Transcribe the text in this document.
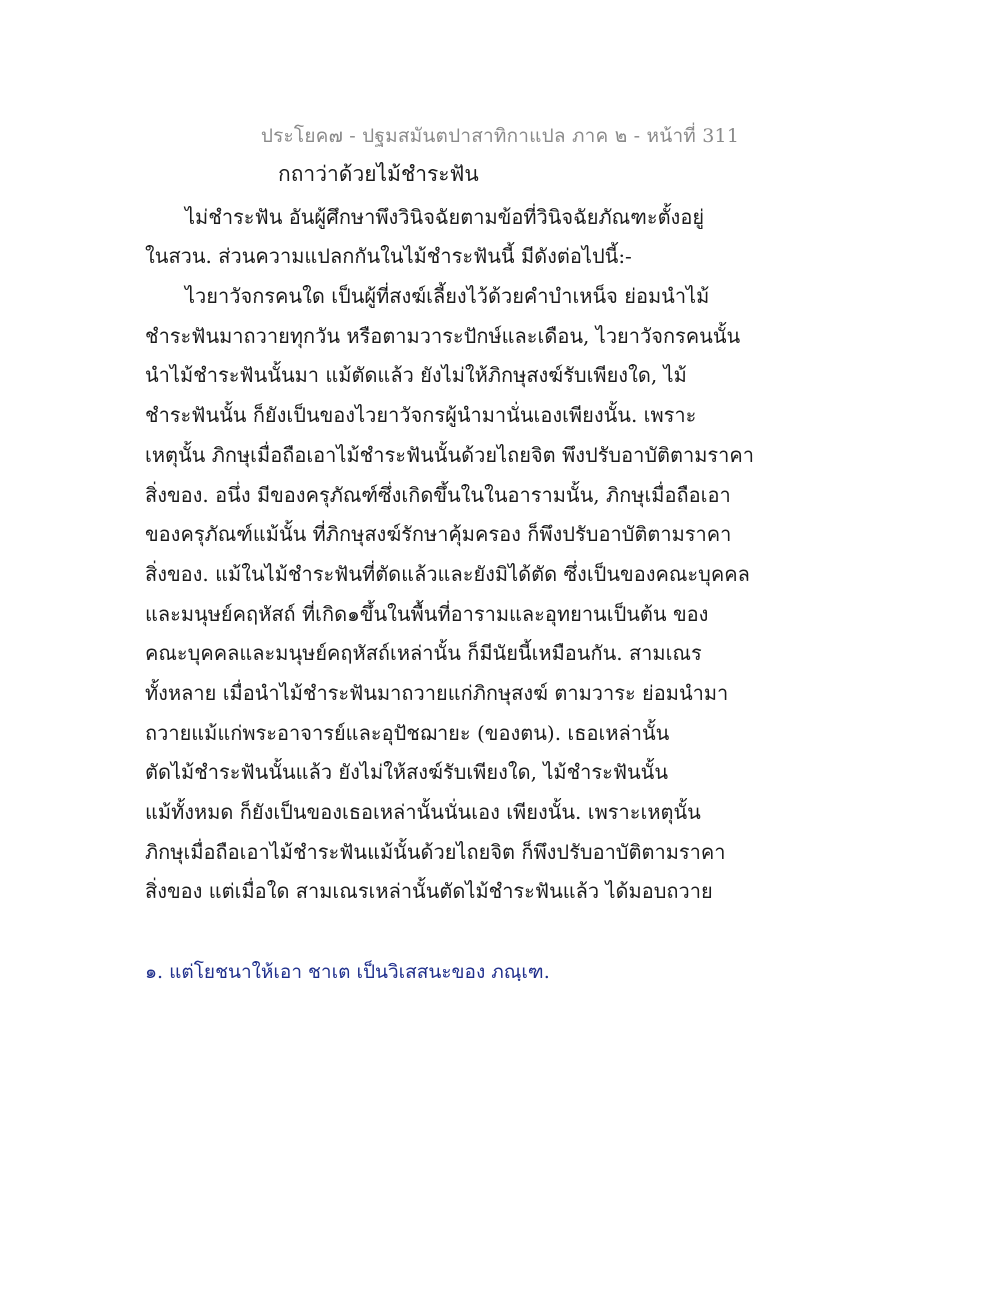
ประโยค๗ - ปฐมสมันตปาสาทิกาแปล ภาค ๒ - หน้าที่ 311
กถาว่าด้วยไม้ชำระฟัน
ไม่ชำระฟัน อันผู้ศึกษาพึงวินิจฉัยตามข้อที่วินิจฉัยภัณฑะตั้งอยู่
ในสวน. ส่วนความแปลกกันในไม้ชำระฟันนี้ มีดังต่อไปนี้:-
ไวยาวัจกรคนใด เป็นผู้ที่สงฆ์เลี้ยงไว้ด้วยคำบำเหน็จ ย่อมนำไม้
ชำระฟันมาถวายทุกวัน หรือตามวาระปักษ์และเดือน, ไวยาวัจกรคนนั้น
นำไม้ชำระฟันนั้นมา แม้ตัดแล้ว ยังไม่ให้ภิกษุสงฆ์รับเพียงใด, ไม้
ชำระฟันนั้น ก็ยังเป็นของไวยาวัจกรผู้นำมานั่นเองเพียงนั้น. เพราะ
เหตุนั้น ภิกษุเมื่อถือเอาไม้ชำระฟันนั้นด้วยไถยจิต พึงปรับอาบัติตามราคา
สิ่งของ. อนึ่ง มีของครุภัณฑ์ซึ่งเกิดขึ้นในในอารามนั้น, ภิกษุเมื่อถือเอา
ของครุภัณฑ์แม้นั้น ที่ภิกษุสงฆ์รักษาคุ้มครอง ก็พึงปรับอาบัติตามราคา
สิ่งของ. แม้ในไม้ชำระฟันที่ตัดแล้วและยังมิได้ตัด ซึ่งเป็นของคณะบุคคล
และมนุษย์คฤหัสถ์ ที่เกิด๑ขึ้นในพื้นที่อารามและอุทยานเป็นต้น ของ
คณะบุคคลและมนุษย์คฤหัสถ์เหล่านั้น ก็มีนัยนี้เหมือนกัน. สามเณร
ทั้งหลาย เมื่อนำไม้ชำระฟันมาถวายแก่ภิกษุสงฆ์ ตามวาระ ย่อมนำมา
ถวายแม้แก่พระอาจารย์และอุปัชฌายะ (ของตน). เธอเหล่านั้น
ตัดไม้ชำระฟันนั้นแล้ว ยังไม่ให้สงฆ์รับเพียงใด, ไม้ชำระฟันนั้น
แม้ทั้งหมด ก็ยังเป็นของเธอเหล่านั้นนั่นเอง เพียงนั้น. เพราะเหตุนั้น
ภิกษุเมื่อถือเอาไม้ชำระฟันแม้นั้นด้วยไถยจิต ก็พึงปรับอาบัติตามราคา
สิ่งของ แต่เมื่อใด สามเณรเหล่านั้นตัดไม้ชำระฟันแล้ว ได้มอบถวาย
๑. แต่โยชนาให้เอา ชาเต เป็นวิเสสนะของ ภณฺเฑ.
